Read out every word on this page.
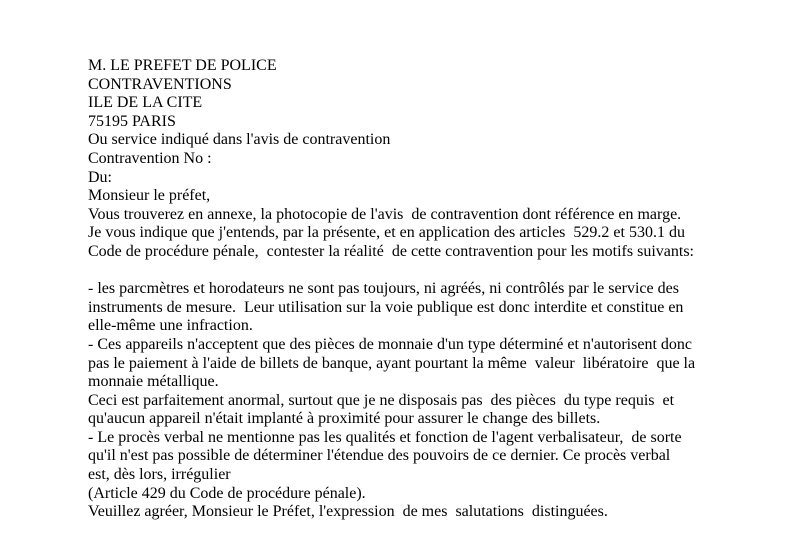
M. LE PREFET DE POLICE
CONTRAVENTIONS
ILE DE LA CITE
75195 PARIS
Ou service indiqué dans l'avis de contravention
Contravention No :
Du:
Monsieur le préfet,
Vous trouverez en annexe, la photocopie de l'avis  de contravention dont référence en marge.
Je vous indique que j'entends, par la présente, et en application des articles  529.2 et 530.1 du
Code de procédure pénale,  contester la réalité  de cette contravention pour les motifs suivants:
- les parcmètres et horodateurs ne sont pas toujours, ni agréés, ni contrôlés par le service des
instruments de mesure.  Leur utilisation sur la voie publique est donc interdite et constitue en
elle-même une infraction.
- Ces appareils n'acceptent que des pièces de monnaie d'un type déterminé et n'autorisent donc
pas le paiement à l'aide de billets de banque, ayant pourtant la même  valeur  libératoire  que la
monnaie métallique.
Ceci est parfaitement anormal, surtout que je ne disposais pas  des pièces  du type requis  et
qu'aucun appareil n'était implanté à proximité pour assurer le change des billets.
- Le procès verbal ne mentionne pas les qualités et fonction de l'agent verbalisateur,  de sorte
qu'il n'est pas possible de déterminer l'étendue des pouvoirs de ce dernier. Ce procès verbal
est, dès lors, irrégulier
(Article 429 du Code de procédure pénale).
Veuillez agréer, Monsieur le Préfet, l'expression  de mes  salutations  distinguées.
